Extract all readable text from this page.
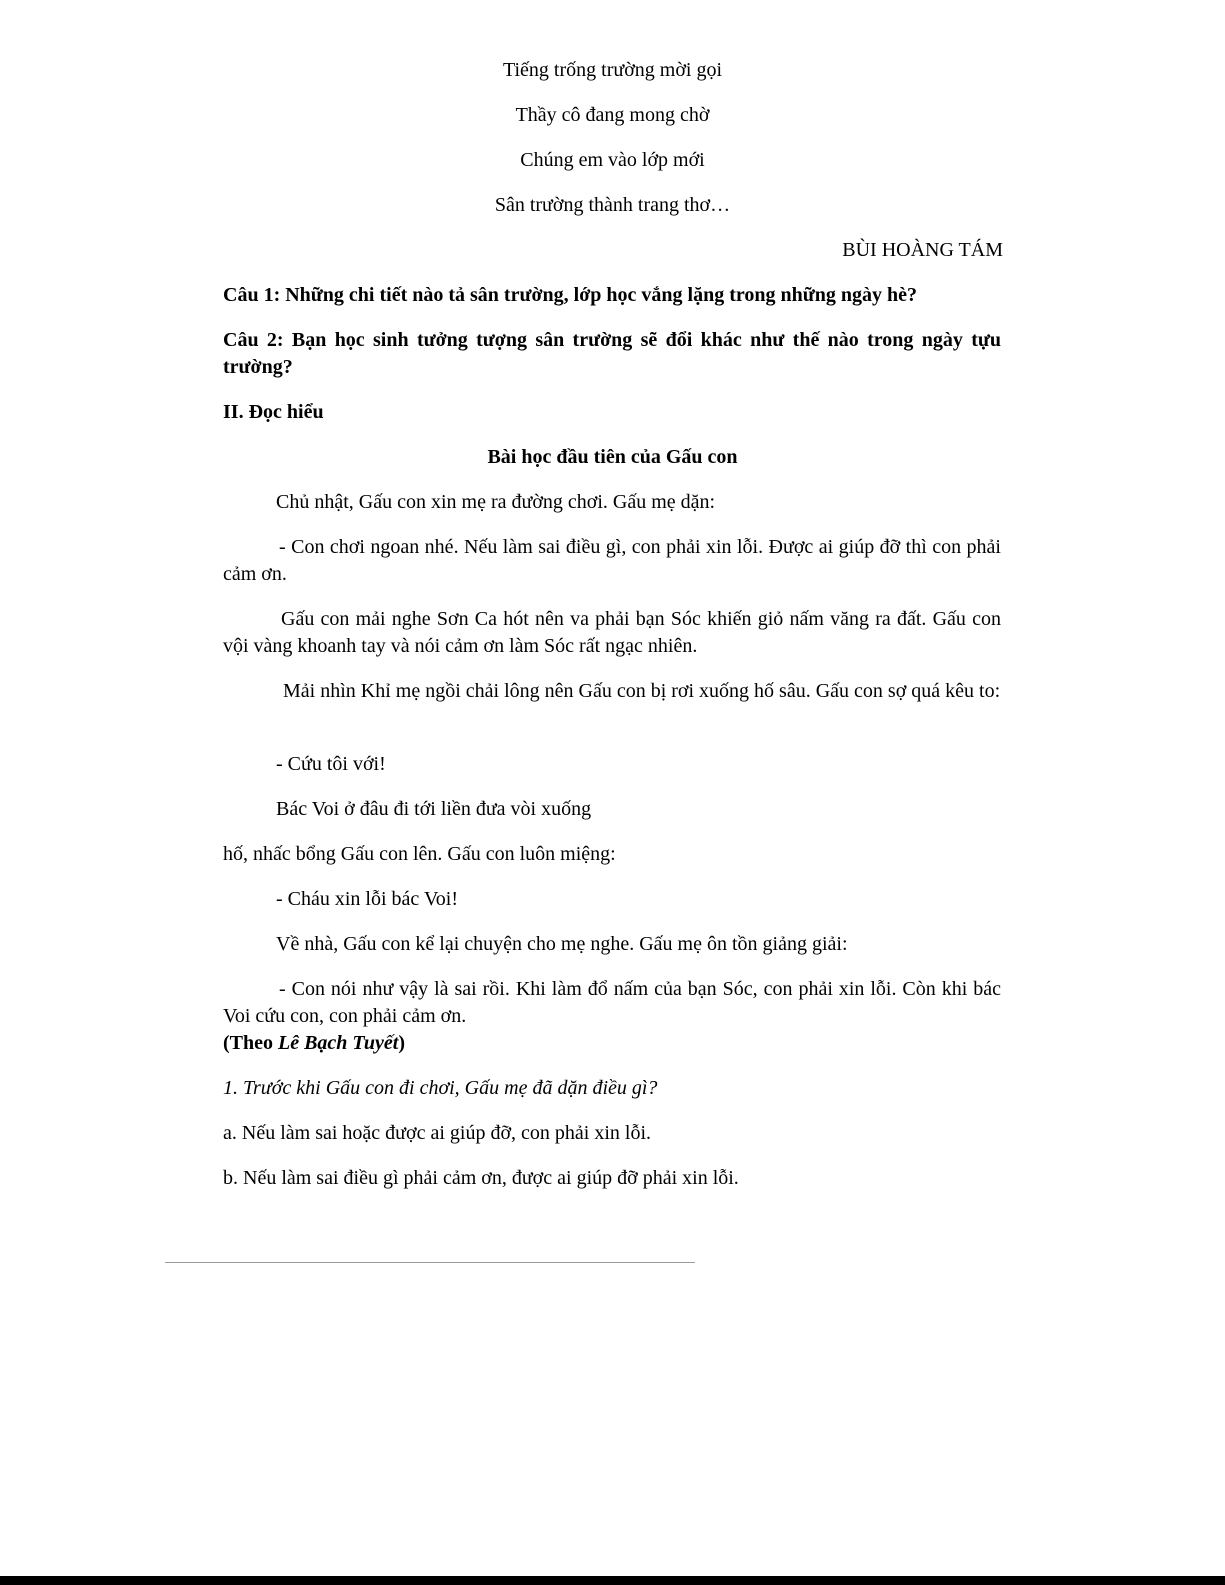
Tiếng trống trường mời gọi
Thầy cô đang mong chờ
Chúng em vào lớp mới
Sân trường thành trang thơ…
BÙI HOÀNG TÁM
Câu 1: Những chi tiết nào tả sân trường, lớp học vắng lặng trong những ngày hè?
Câu 2: Bạn học sinh tưởng tượng sân trường sẽ đổi khác như thế nào trong ngày tựu trường?
II. Đọc hiểu
Bài học đầu tiên của Gấu con
Chủ nhật, Gấu con xin mẹ ra đường chơi. Gấu mẹ dặn:
- Con chơi ngoan nhé. Nếu làm sai điều gì, con phải xin lỗi. Được ai giúp đỡ thì con phải cảm ơn.
Gấu con mải nghe Sơn Ca hót nên va phải bạn Sóc khiến giỏ nấm văng ra đất. Gấu con vội vàng khoanh tay và nói cảm ơn làm Sóc rất ngạc nhiên.
Mải nhìn Khỉ mẹ ngồi chải lông nên Gấu con bị rơi xuống hố sâu. Gấu con sợ quá kêu to:
- Cứu tôi với!
Bác Voi ở đâu đi tới liền đưa vòi xuống
hố, nhấc bổng Gấu con lên. Gấu con luôn miệng:
- Cháu xin lỗi bác Voi!
Về nhà, Gấu con kể lại chuyện cho mẹ nghe. Gấu mẹ ôn tồn giảng giải:
- Con nói như vậy là sai rồi. Khi làm đổ nấm của bạn Sóc, con phải xin lỗi. Còn khi bác Voi cứu con, con phải cảm ơn.
(Theo Lê Bạch Tuyết)
1. Trước khi Gấu con đi chơi, Gấu mẹ đã dặn điều gì?
a. Nếu làm sai hoặc được ai giúp đỡ, con phải xin lỗi.
b. Nếu làm sai điều gì phải cảm ơn, được ai giúp đỡ phải xin lỗi.
